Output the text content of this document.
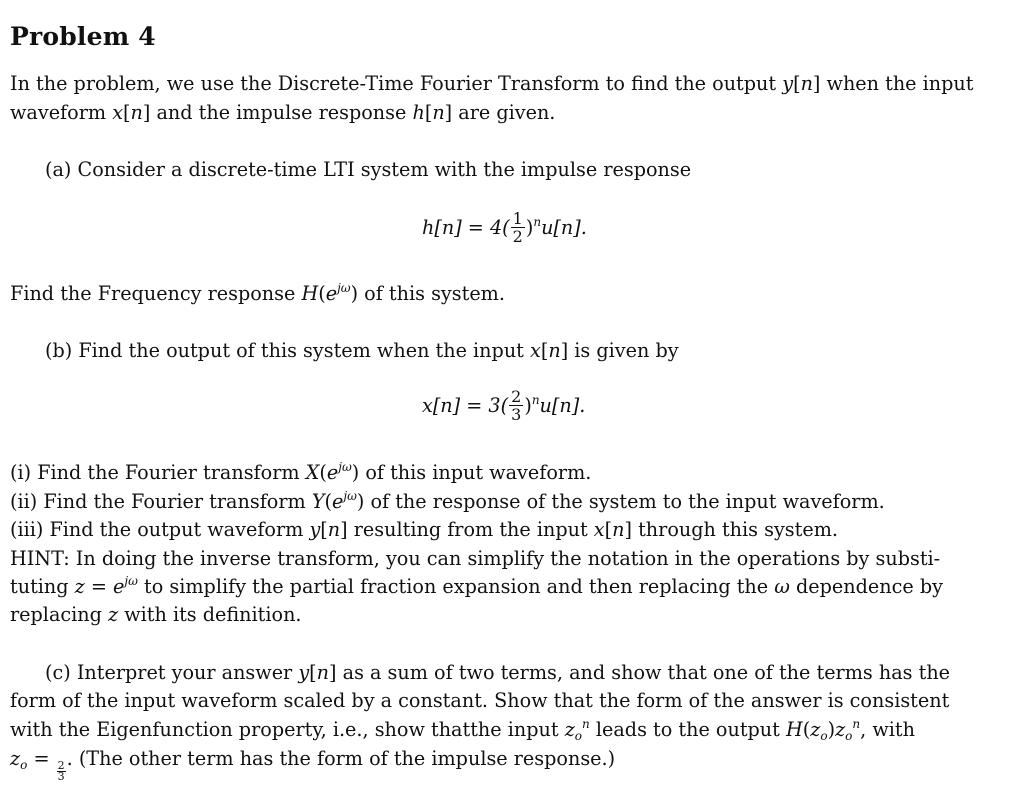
Problem 4
In the problem, we use the Discrete-Time Fourier Transform to find the output y[n] when the input
waveform x[n] and the impulse response h[n] are given.
(a) Consider a discrete-time LTI system with the impulse response
$h[n] = 4( \frac{1}{2} )^n$ u[n].
Find the Frequency response $H(e^{j\omega})$ of this system.
(b) Find the output of this system when the input x[n] is given by
$x[n] = 3( \frac{2}{3} )^n$ u[n].
(i) Find the Fourier transform $X(e^{j\omega})$ of this input waveform.
(ii) Find the Fourier transform $Y(e^{j\omega})$ of the response of the system to the input waveform.
(iii) Find the output waveform y[n] resulting from the input x[n] through this system.
HINT: In doing the inverse transform, you can simplify the notation in the operations by substi-
tuting $z = e^{j\omega}$ to simplify the partial fraction expansion and then replacing the ω dependence by
replacing z with its definition.
(c) Interpret your answer y[n] as a sum of two terms, and show that one of the terms has the
form of the input waveform scaled by a constant. Show that the form of the answer is consistent
with the Eigenfunction property, i.e., show thatthe input $z_o^n$ leads to the output $H(z_o)z_o^n$, with
$z_o$ =
$\frac{2}{3}$
. (The other term has the form of the impulse response.)
